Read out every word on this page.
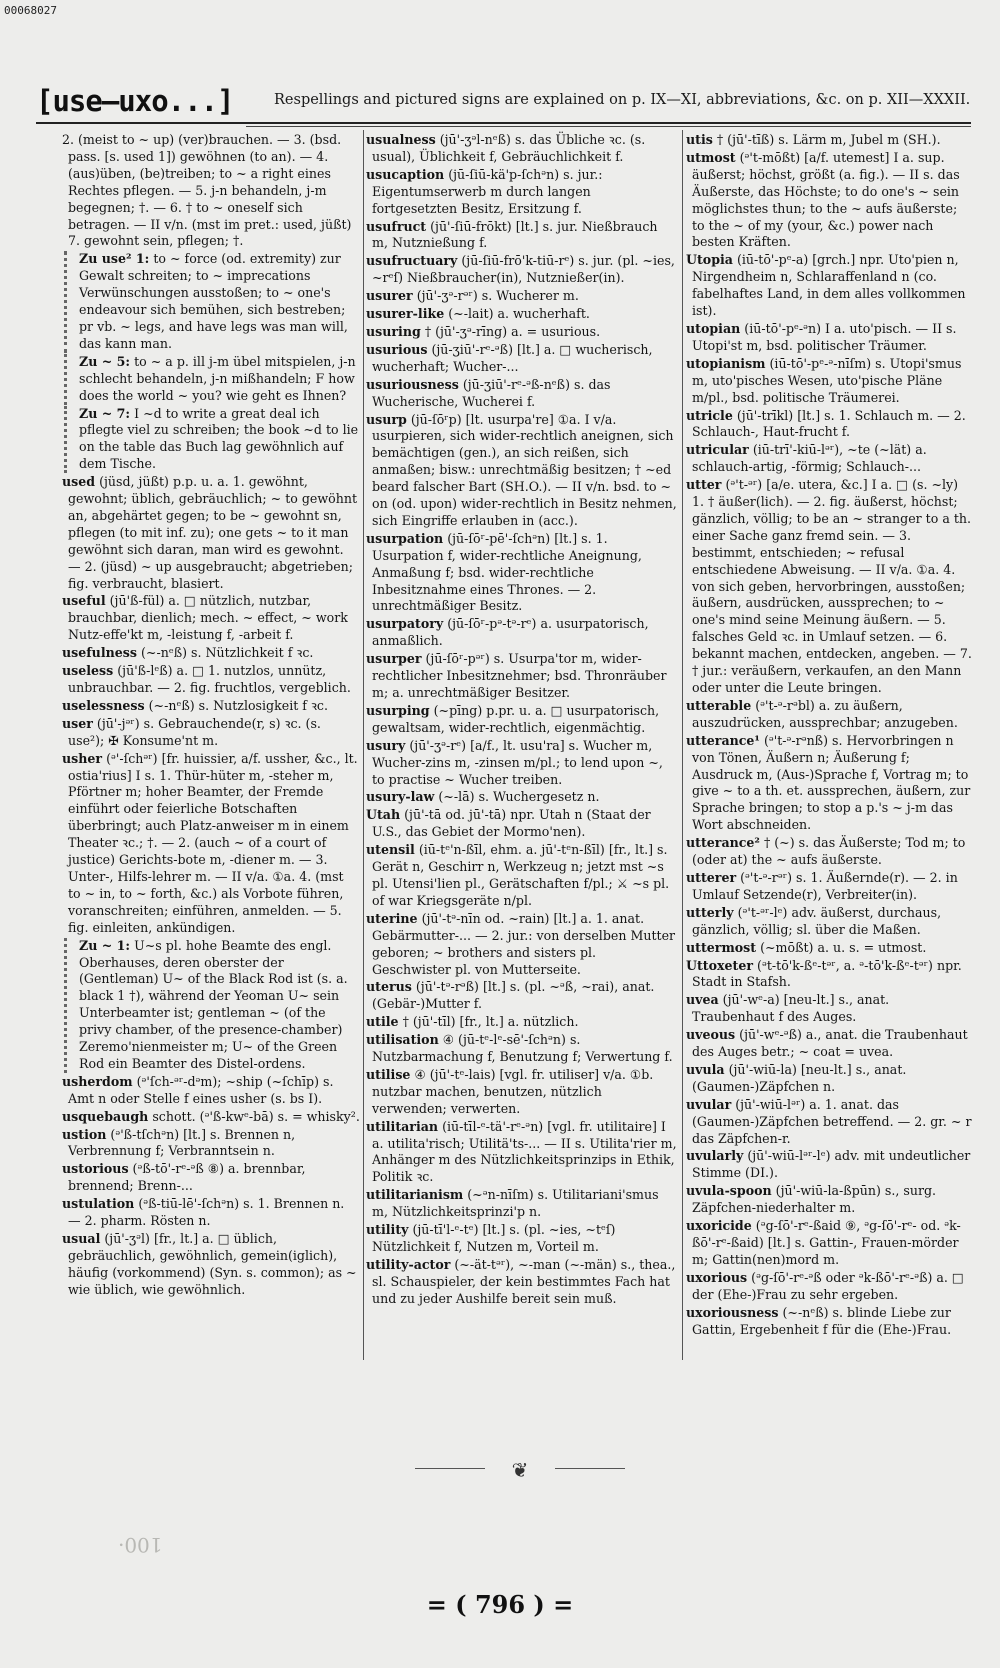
00068027
[use—uxo...]	Respellings and pictured signs are explained on p. IX—XI, abbreviations, &c. on p. XII—XXXII.
2. (meist to ~ up) (ver)brauchen. — 3. (bsd. pass. [s. used 1]) gewöhnen (to an). — 4. (aus)üben, (be)treiben; to ~ a right eines Rechtes pflegen. — 5. j-n behandeln, j-m begegnen; †. — 6. † to ~ oneself sich betragen. — II v/n. (mst im pret.: used, jüßt) 7. gewohnt sein, pflegen; †.
Zu use² 1: to ~ force (od. extremity) zur Gewalt schreiten; to ~ imprecations Verwünschungen ausstoßen; to ~ one's endeavour sich bemühen, sich bestreben; pr vb. ~ legs, and have legs was man will, das kann man.
Zu ~ 5: to ~ a p. ill j-m übel mitspielen, j-n schlecht behandeln, j-n mißhandeln; F how does the world ~ you? wie geht es Ihnen?
Zu ~ 7: I ~d to write a great deal ich pflegte viel zu schreiben; the book ~d to lie on the table das Buch lag gewöhnlich auf dem Tische.
used (jüsd, jüßt) p.p. u. a. 1. gewöhnt, gewohnt; üblich, gebräuchlich; ~ to gewöhnt an, abgehärtet gegen; to be ~ gewohnt sn, pflegen (to mit inf. zu); one gets ~ to it man gewöhnt sich daran, man wird es gewohnt. — 2. (jüsd) ~ up ausgebraucht; abgetrieben; fig. verbraucht, blasiert.
useful (jū'ß-fül) a. □ nützlich, nutzbar, brauchbar, dienlich; mech. ~ effect, ~ work Nutz-effe'kt m, -leistung f, -arbeit f.
usefulness (~-nᵉß) s. Nützlichkeit f ꝛc.
useless (jū'ß-lᵉß) a. □ 1. nutzlos, unnütz, unbrauchbar. — 2. fig. fruchtlos, vergeblich.
uselessness (~-nᵉß) s. Nutzlosigkeit f ꝛc.
user (jū'-jᵊʳ) s. Gebrauchende(r, s) ꝛc. (s. use²); ✠ Konsume'nt m.
usher (ᵊ'-ſchᵊʳ) [fr. huissier, a/f. ussher, &c., lt. ostia'rius] I s. 1. Thür-hüter m, -steher m, Pförtner m; hoher Beamter, der Fremde einführt oder feierliche Botschaften überbringt; auch Platz-anweiser m in einem Theater ꝛc.; †. — 2. (auch ~ of a court of justice) Gerichts-bote m, -diener m. — 3. Unter-, Hilfs-lehrer m. — II v/a. ①a. 4. (mst to ~ in, to ~ forth, &c.) als Vorbote führen, voranschreiten; einführen, anmelden. — 5. fig. einleiten, ankündigen.
Zu ~ 1: U~s pl. hohe Beamte des engl. Oberhauses, deren oberster der (Gentleman) U~ of the Black Rod ist (s. a. black 1 †), während der Yeoman U~ sein Unterbeamter ist; gentleman ~ (of the privy chamber, of the presence-chamber) Zeremo'nienmeister m; U~ of the Green Rod ein Beamter des Distel-ordens.
usherdom (ᵊ'ſch-ᵊʳ-dᵊm); ~ship (~ſchīp) s. Amt n oder Stelle f eines usher (s. bs I).
usquebaugh schott. (ᵊ'ß-kwᵉ-bā) s. = whisky².
ustion (ᵊ'ß-tſchᵊn) [lt.] s. Brennen n, Verbrennung f; Verbranntsein n.
ustorious (ᵊß-tō'-rᵉ-ᵊß ⑧) a. brennbar, brennend; Brenn-...
ustulation (ᵊß-tiū-lē'-ſchᵊn) s. 1. Brennen n. — 2. pharm. Rösten n.
usual (jū'-ʒᵊl) [fr., lt.] a. □ üblich, gebräuchlich, gewöhnlich, gemein(iglich), häufig (vorkommend) (Syn. s. common); as ~ wie üblich, wie gewöhnlich.
usualness (jū'-ʒᵊl-nᵉß) s. das Übliche ꝛc. (s. usual), Üblichkeit f, Gebräuchlichkeit f.
usucaption (jū-ſiū-kä'p-ſchᵊn) s. jur.: Eigentumserwerb m durch langen fortgesetzten Besitz, Ersitzung f.
usufruct (jū'-ſiū-frōkt) [lt.] s. jur. Nießbrauch m, Nutznießung f.
usufructuary (jū-ſiū-frō'k-tiū-rᵉ) s. jur. (pl. ~ies, ~rᵉſ) Nießbraucher(in), Nutznießer(in).
usurer (jū'-ʒᵊ-rᵊʳ) s. Wucherer m.
usurer-like (~-lait) a. wucherhaft.
usuring † (jū'-ʒᵊ-rīng) a. = usurious.
usurious (jū-ʒiū'-rᵉ-ᵊß) [lt.] a. □ wucherisch, wucherhaft; Wucher-...
usuriousness (jū-ʒiū'-rᵉ-ᵊß-nᵉß) s. das Wucherische, Wucherei f.
usurp (jū-ſōʳp) [lt. usurpa're] ①a. I v/a. usurpieren, sich wider-rechtlich aneignen, sich bemächtigen (gen.), an sich reißen, sich anmaßen; bisw.: unrechtmäßig besitzen; † ~ed beard falscher Bart (SH.O.). — II v/n. bsd. to ~ on (od. upon) wider-rechtlich in Besitz nehmen, sich Eingriffe erlauben in (acc.).
usurpation (jū-ſōʳ-pē'-ſchᵊn) [lt.] s. 1. Usurpation f, wider-rechtliche Aneignung, Anmaßung f; bsd. wider-rechtliche Inbesitznahme eines Thrones. — 2. unrechtmäßiger Besitz.
usurpatory (jū-ſōʳ-pᵊ-tᵊ-rᵉ) a. usurpatorisch, anmaßlich.
usurper (jū-ſōʳ-pᵊʳ) s. Usurpa'tor m, wider-rechtlicher Inbesitznehmer; bsd. Thronräuber m; a. unrechtmäßiger Besitzer.
usurping (~pīng) p.pr. u. a. □ usurpatorisch, gewaltsam, wider-rechtlich, eigenmächtig.
usury (jū'-ʒᵊ-rᵉ) [a/f., lt. usu'ra] s. Wucher m, Wucher-zins m, -zinsen m/pl.; to lend upon ~, to practise ~ Wucher treiben.
usury-law (~-lā) s. Wuchergesetz n.
Utah (jū'-tā od. jū'-tā) npr. Utah n (Staat der U.S., das Gebiet der Mormo'nen).
utensil (iū-tᵉ'n-ßīl, ehm. a. jū'-tᵉn-ßīl) [fr., lt.] s. Gerät n, Geschirr n, Werkzeug n; jetzt mst ~s pl. Utensi'lien pl., Gerätschaften f/pl.; ⚔ ~s pl. of war Kriegsgeräte n/pl.
uterine (jū'-tᵊ-nīn od. ~rain) [lt.] a. 1. anat. Gebärmutter-... — 2. jur.: von derselben Mutter geboren; ~ brothers and sisters pl. Geschwister pl. von Mutterseite.
uterus (jū'-tᵊ-rᵊß) [lt.] s. (pl. ~ᵊß, ~rai), anat. (Gebär-)Mutter f.
utile † (jū'-tīl) [fr., lt.] a. nützlich.
utilisation ④ (jū-tᵉ-lᵉ-sē'-ſchᵊn) s. Nutzbarmachung f, Benutzung f; Verwertung f.
utilise ④ (jū'-tᵉ-lais) [vgl. fr. utiliser] v/a. ①b. nutzbar machen, benutzen, nützlich verwenden; verwerten.
utilitarian (iū-tīl-ᵉ-tä'-rᵉ-ᵊn) [vgl. fr. utilitaire] I a. utilita'risch; Utilitä'ts-... — II s. Utilita'rier m, Anhänger m des Nützlichkeitsprinzips in Ethik, Politik ꝛc.
utilitarianism (~ᵊn-nīſm) s. Utilitariani'smus m, Nützlichkeitsprinzi'p n.
utility (jū-tī'l-ᵉ-tᵉ) [lt.] s. (pl. ~ies, ~tᵉſ) Nützlichkeit f, Nutzen m, Vorteil m.
utility-actor (~-ät-tᵊʳ), ~-man (~-män) s., thea., sl. Schauspieler, der kein bestimmtes Fach hat und zu jeder Aushilfe bereit sein muß.
utis † (jū'-tīß) s. Lärm m, Jubel m (SH.).
utmost (ᵊ't-mōßt) [a/f. utemest] I a. sup. äußerst; höchst, größt (a. fig.). — II s. das Äußerste, das Höchste; to do one's ~ sein möglichstes thun; to the ~ aufs äußerste; to the ~ of my (your, &c.) power nach besten Kräften.
Utopia (iū-tō'-pᵉ-a) [grch.] npr. Uto'pien n, Nirgendheim n, Schlaraffenland n (co. fabelhaftes Land, in dem alles vollkommen ist).
utopian (iū-tō'-pᵉ-ᵊn) I a. uto'pisch. — II s. Utopi'st m, bsd. politischer Träumer.
utopianism (iū-tō'-pᵉ-ᵊ-nīſm) s. Utopi'smus m, uto'pisches Wesen, uto'pische Pläne m/pl., bsd. politische Träumerei.
utricle (jū'-trīkl) [lt.] s. 1. Schlauch m. — 2. Schlauch-, Haut-frucht f.
utricular (iū-trī'-kiū-lᵊʳ), ~te (~lät) a. schlauch-artig, -förmig; Schlauch-...
utter (ᵊ't-ᵊʳ) [a/e. utera, &c.] I a. □ (s. ~ly) 1. † äußer(lich). — 2. fig. äußerst, höchst; gänzlich, völlig; to be an ~ stranger to a th. einer Sache ganz fremd sein. — 3. bestimmt, entschieden; ~ refusal entschiedene Abweisung. — II v/a. ①a. 4. von sich geben, hervorbringen, ausstoßen; äußern, ausdrücken, aussprechen; to ~ one's mind seine Meinung äußern. — 5. falsches Geld ꝛc. in Umlauf setzen. — 6. bekannt machen, entdecken, angeben. — 7. † jur.: veräußern, verkaufen, an den Mann oder unter die Leute bringen.
utterable (ᵊ't-ᵊ-rᵊbl) a. zu äußern, auszudrücken, aussprechbar; anzugeben.
utterance¹ (ᵊ't-ᵊ-rᵊnß) s. Hervorbringen n von Tönen, Äußern n; Äußerung f; Ausdruck m, (Aus-)Sprache f, Vortrag m; to give ~ to a th. et. aussprechen, äußern, zur Sprache bringen; to stop a p.'s ~ j-m das Wort abschneiden.
utterance² † (~) s. das Äußerste; Tod m; to (oder at) the ~ aufs äußerste.
utterer (ᵊ't-ᵊ-rᵊʳ) s. 1. Äußernde(r). — 2. in Umlauf Setzende(r), Verbreiter(in).
utterly (ᵊ't-ᵊʳ-lᵉ) adv. äußerst, durchaus, gänzlich, völlig; sl. über die Maßen.
uttermost (~mōßt) a. u. s. = utmost.
Uttoxeter (ᵊt-tō'k-ßᵉ-tᵊʳ, a. ᵊ-tō'k-ßᵉ-tᵊʳ) npr. Stadt in Stafsh.
uvea (jū'-wᵉ-a) [neu-lt.] s., anat. Traubenhaut f des Auges.
uveous (jū'-wᵉ-ᵊß) a., anat. die Traubenhaut des Auges betr.; ~ coat = uvea.
uvula (jū'-wiū-la) [neu-lt.] s., anat. (Gaumen-)Zäpfchen n.
uvular (jū'-wiū-lᵊʳ) a. 1. anat. das (Gaumen-)Zäpfchen betreffend. — 2. gr. ~ r das Zäpfchen-r.
uvularly (jū'-wiū-lᵊʳ-lᵉ) adv. mit undeutlicher Stimme (DI.).
uvula-spoon (jū'-wiū-la-ßpūn) s., surg. Zäpfchen-niederhalter m.
uxoricide (ᵊg-ſō'-rᵉ-ßaid ⑨, ᵊg-ſō'-rᵉ- od. ᵊk-ßō'-rᵉ-ßaid) [lt.] s. Gattin-, Frauen-mörder m; Gattin(nen)mord m.
uxorious (ᵊg-ſō'-rᵉ-ᵊß oder ᵊk-ßō'-rᵉ-ᵊß) a. □ der (Ehe-)Frau zu sehr ergeben.
uxoriousness (~-nᵉß) s. blinde Liebe zur Gattin, Ergebenheit f für die (Ehe-)Frau.
❦
100·
= ( 796 ) =
